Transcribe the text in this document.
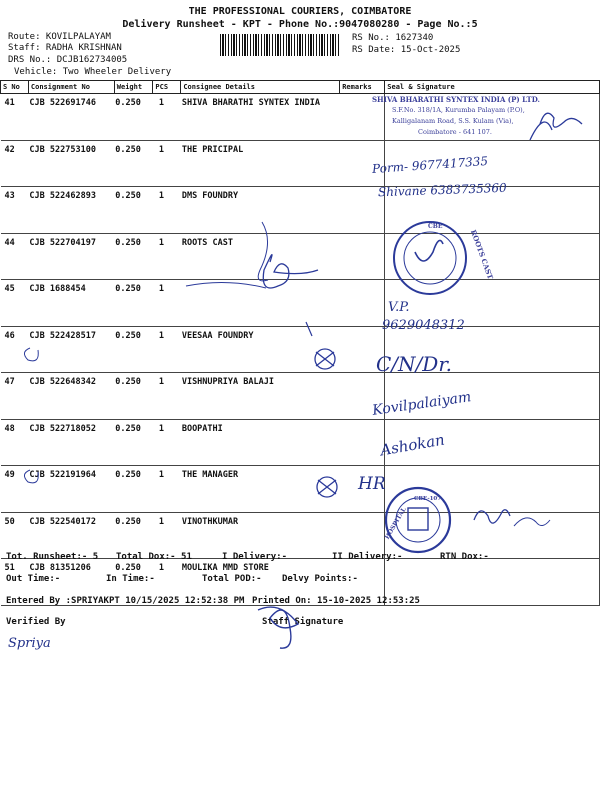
THE PROFESSIONAL COURIERS, COIMBATORE
Delivery Runsheet - KPT - Phone No.:9047080280 - Page No.:5
Route: KOVILPALAYAM
Staff: RADHA KRISHNAN
DRS No.: DCJB162734005
Vehicle: Two Wheeler Delivery
RS No.: 1627340
RS Date: 15-Oct-2025
S No	Consignment No	Weight	PCS	Consignee Details	Remarks	Seal & Signature
41	CJB 522691746	0.250	1	SHIVA BHARATHI SYNTEX INDIA		
42	CJB 522753100	0.250	1	THE PRICIPAL		
43	CJB 522462893	0.250	1	DMS FOUNDRY		
44	CJB 522704197	0.250	1	ROOTS CAST		
45	CJB 1688454	0.250	1			
46	CJB 522428517	0.250	1	VEESAA FOUNDRY		
47	CJB 522648342	0.250	1	VISHNUPRIYA BALAJI		
48	CJB 522718052	0.250	1	BOOPATHI		
49	CJB 522191964	0.250	1	THE MANAGER		
50	CJB 522540172	0.250	1	VINOTHKUMAR		
51	CJB 81351206	0.250	1	MOULIKA MMD STORE		
Tot. Runsheet:- 5 Total Dox:- 51	I Delivery:-	II Delivery:-	RTN Dox:-
Out Time:-	In Time:-	Total POD:- Delvy Points:-
Entered By :SPRIYAKPT 10/15/2025 12:52:38 PM Printed On: 15-10-2025 12:53:25
Verified By	Staff Signature
Porm- 9677417335
Shivane 6383735360
V.P.
9629048312
C/N/Dr.
Kovilpalaiyam
Ashokan
HR
Spriya
SHIVA BHARATHI SYNTEX INDIA (P) LTD.
S.F.No. 318/1A, Kurumba Palayam (P.O),
Kalligalanam Road, S.S. Kulam (Via),
Coimbatore - 641 107.
ROOTS CAST
CBE
HOSPITAL
CBE-107
